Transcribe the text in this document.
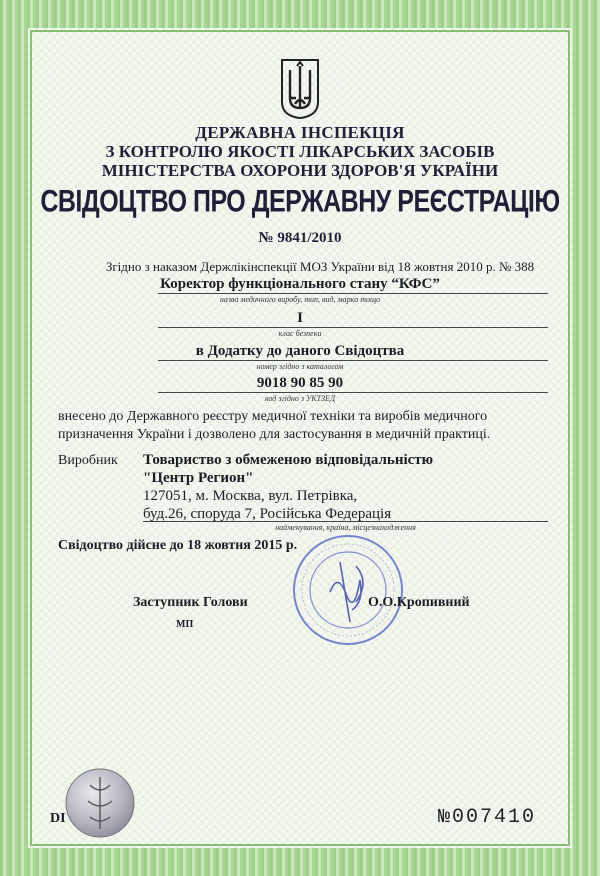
ДЕРЖАВНА ІНСПЕКЦІЯ
З КОНТРОЛЮ ЯКОСТІ ЛІКАРСЬКИХ ЗАСОБІВ
МІНІСТЕРСТВА ОХОРОНИ ЗДОРОВ'Я УКРАЇНИ
СВІДОЦТВО ПРО ДЕРЖАВНУ РЕЄСТРАЦІЮ
№ 9841/2010
Згідно з наказом Держлікінспекції МОЗ України від 18 жовтня 2010 р. № 388
Коректор функціонального стану “КФС”
назва медичного виробу, тип, вид, марка тощо
I
клас безпеки
в Додатку до даного Свідоцтва
номер згідно з каталогом
9018 90 85 90
код згідно з УКТЗЕД
внесено до Державного реєстру медичної техніки та виробів медичного призначення України і дозволено для застосування в медичній практиці.
Виробник Товариство з обмеженою відповідальністю
"Центр Регион"
127051, м. Москва, вул. Петрівка,
буд.26, споруда 7, Російська Федерація
найменування, країна, місцезнаходження
Свідоцтво дійсне до 18 жовтня 2015 р.
Заступник Голови	О.О.Кропивний
МП
DI	№007410
